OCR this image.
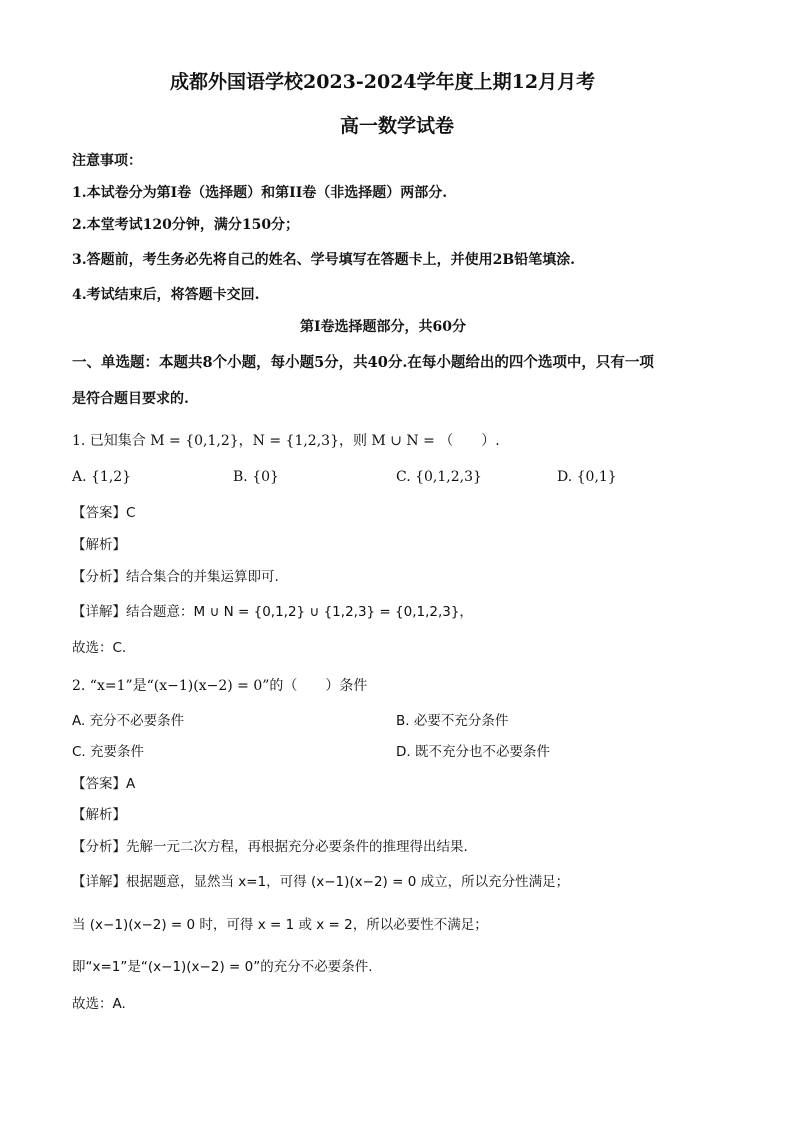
成都外国语学校2023-2024学年度上期12月月考
高一数学试卷
注意事项：
1.本试卷分为第I卷（选择题）和第II卷（非选择题）两部分.
2.本堂考试120分钟，满分150分；
3.答题前，考生务必先将自己的姓名、学号填写在答题卡上，并使用2B铅笔填涂.
4.考试结束后，将答题卡交回.
第I卷选择题部分，共60分
一、单选题：本题共8个小题，每小题5分，共40分.在每小题给出的四个选项中，只有一项
是符合题目要求的.
1. 已知集合 M = {0,1,2}，N = {1,2,3}，则 M ∪ N = （　　）.
A. {1,2}	B. {0}	C. {0,1,2,3}	D. {0,1}
【答案】C
【解析】
【分析】结合集合的并集运算即可.
【详解】结合题意：M ∪ N = {0,1,2} ∪ {1,2,3} = {0,1,2,3}，
故选：C.
2. “x=1”是“(x−1)(x−2) = 0”的（　　）条件
A. 充分不必要条件	B. 必要不充分条件
C. 充要条件	D. 既不充分也不必要条件
【答案】A
【解析】
【分析】先解一元二次方程，再根据充分必要条件的推理得出结果.
【详解】根据题意，显然当 x=1，可得 (x−1)(x−2) = 0 成立，所以充分性满足；
当 (x−1)(x−2) = 0 时，可得 x = 1 或 x = 2，所以必要性不满足；
即“x=1”是“(x−1)(x−2) = 0”的充分不必要条件.
故选：A.
